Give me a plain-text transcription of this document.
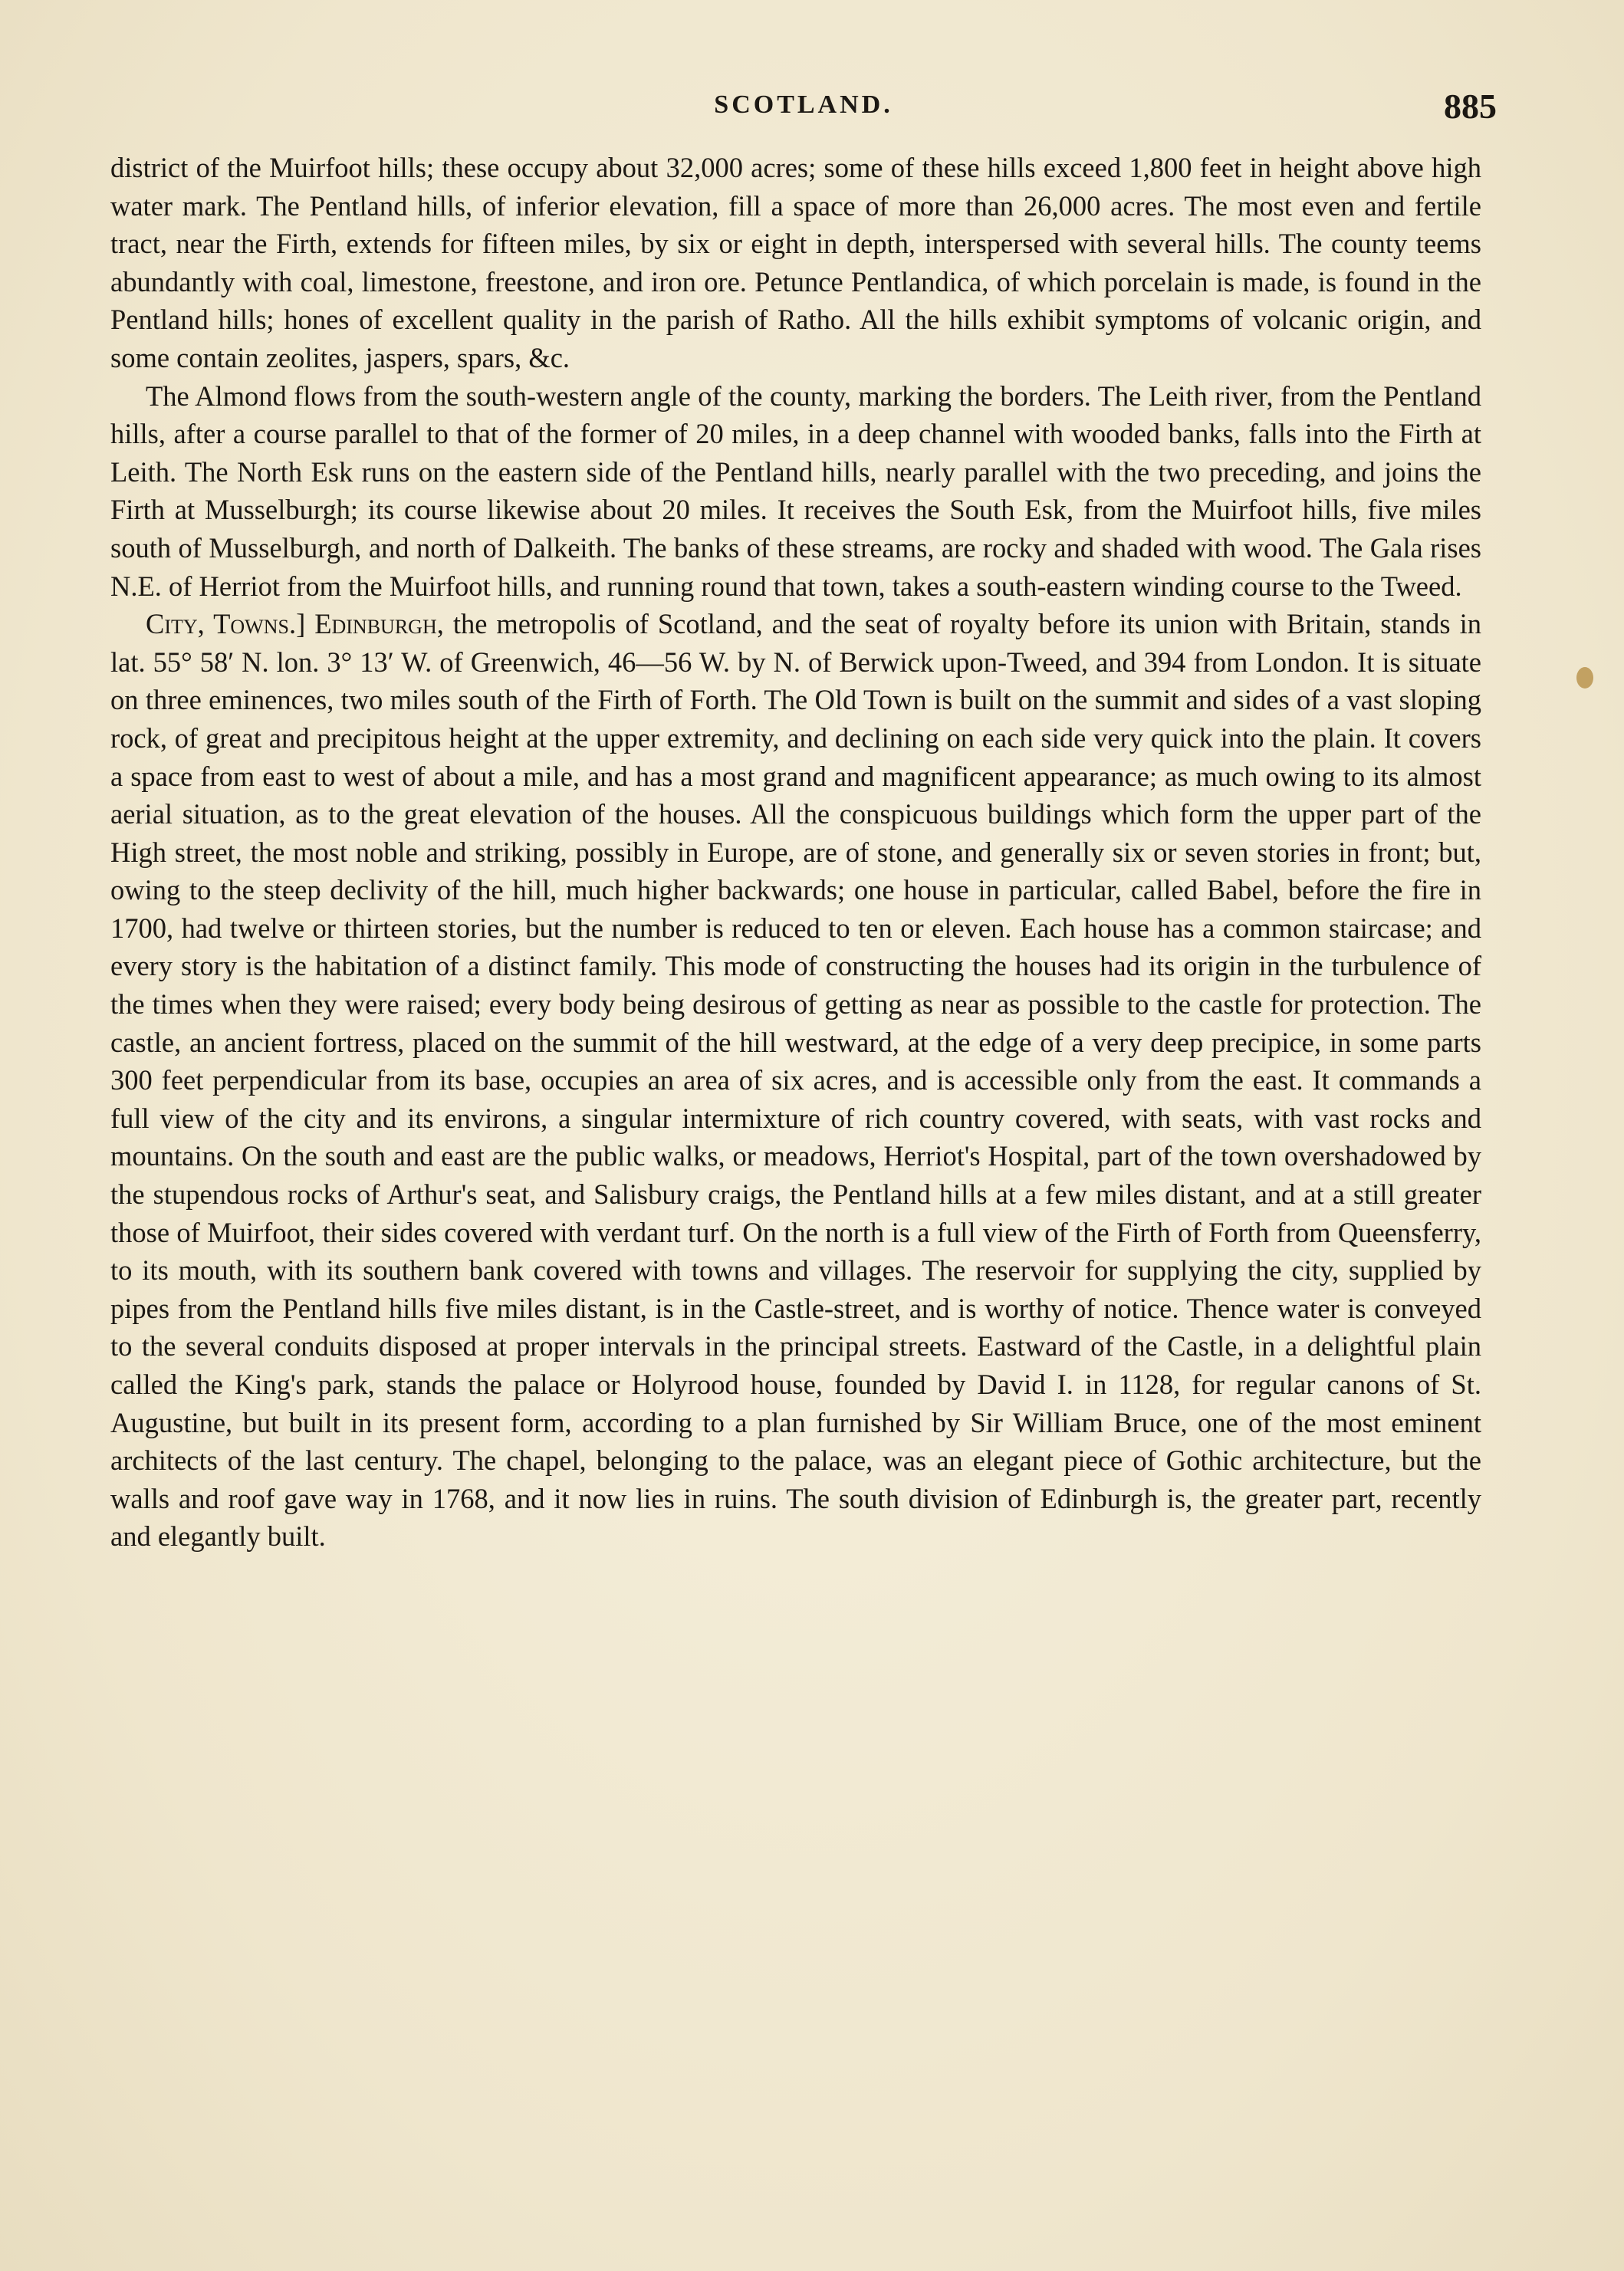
SCOTLAND.	885

district of the Muirfoot hills; these occupy about 32,000 acres; some of these hills exceed 1,800 feet in height above high water mark. The Pentland hills, of inferior elevation, fill a space of more than 26,000 acres. The most even and fertile tract, near the Firth, extends for fifteen miles, by six or eight in depth, interspersed with several hills. The county teems abundantly with coal, limestone, freestone, and iron ore. Petunce Pentlandica, of which porcelain is made, is found in the Pentland hills; hones of excellent quality in the parish of Ratho. All the hills exhibit symptoms of volcanic origin, and some contain zeolites, jaspers, spars, &c.

The Almond flows from the south-western angle of the county, marking the borders. The Leith river, from the Pentland hills, after a course parallel to that of the former of 20 miles, in a deep channel with wooded banks, falls into the Firth at Leith. The North Esk runs on the eastern side of the Pentland hills, nearly parallel with the two preceding, and joins the Firth at Musselburgh; its course likewise about 20 miles. It receives the South Esk, from the Muirfoot hills, five miles south of Musselburgh, and north of Dalkeith. The banks of these streams, are rocky and shaded with wood. The Gala rises N.E. of Herriot from the Muirfoot hills, and running round that town, takes a south-eastern winding course to the Tweed.

City, Towns.] Edinburgh, the metropolis of Scotland, and the seat of royalty before its union with Britain, stands in lat. 55° 58′ N. lon. 3° 13′ W. of Greenwich, 46—56 W. by N. of Berwick upon-Tweed, and 394 from London. It is situate on three eminences, two miles south of the Firth of Forth. The Old Town is built on the summit and sides of a vast sloping rock, of great and precipitous height at the upper extremity, and declining on each side very quick into the plain. It covers a space from east to west of about a mile, and has a most grand and magnificent appearance; as much owing to its almost aerial situation, as to the great elevation of the houses. All the conspicuous buildings which form the upper part of the High street, the most noble and striking, possibly in Europe, are of stone, and generally six or seven stories in front; but, owing to the steep declivity of the hill, much higher backwards; one house in particular, called Babel, before the fire in 1700, had twelve or thirteen stories, but the number is reduced to ten or eleven. Each house has a common staircase; and every story is the habitation of a distinct family. This mode of constructing the houses had its origin in the turbulence of the times when they were raised; every body being desirous of getting as near as possible to the castle for protection. The castle, an ancient fortress, placed on the summit of the hill westward, at the edge of a very deep precipice, in some parts 300 feet perpendicular from its base, occupies an area of six acres, and is accessible only from the east. It commands a full view of the city and its environs, a singular intermixture of rich country covered, with seats, with vast rocks and mountains. On the south and east are the public walks, or meadows, Herriot's Hospital, part of the town overshadowed by the stupendous rocks of Arthur's seat, and Salisbury craigs, the Pentland hills at a few miles distant, and at a still greater those of Muirfoot, their sides covered with verdant turf. On the north is a full view of the Firth of Forth from Queensferry, to its mouth, with its southern bank covered with towns and villages. The reservoir for supplying the city, supplied by pipes from the Pentland hills five miles distant, is in the Castle-street, and is worthy of notice. Thence water is conveyed to the several conduits disposed at proper intervals in the principal streets. Eastward of the Castle, in a delightful plain called the King's park, stands the palace or Holyrood house, founded by David I. in 1128, for regular canons of St. Augustine, but built in its present form, according to a plan furnished by Sir William Bruce, one of the most eminent architects of the last century. The chapel, belonging to the palace, was an elegant piece of Gothic architecture, but the walls and roof gave way in 1768, and it now lies in ruins. The south division of Edinburgh is, the greater part, recently and elegantly built.
